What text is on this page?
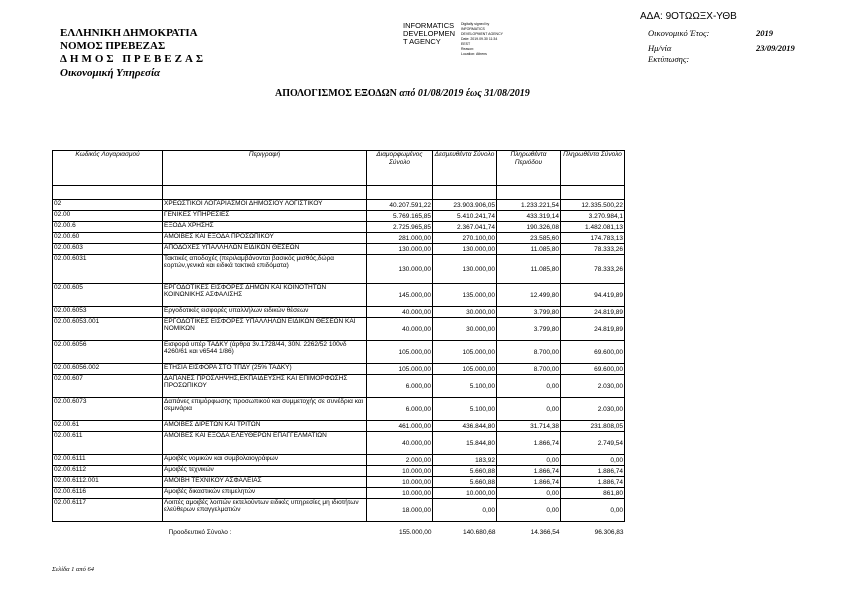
ΕΛΛΗΝΙΚΗ ΔΗΜΟΚΡΑΤΙΑ
ΝΟΜΟΣ ΠΡΕΒΕΖΑΣ
ΔΗΜΟΣ ΠΡΕΒΕΖΑΣ
Οικονομική Υπηρεσία
ΑΔΑ: 9ΟΤΩΩΞΧ-ΥΘΒ
INFORMATICS
DEVELOPMEN
T AGENCY
Digitally signed by
INFORMATICS
DEVELOPMENT AGENCY
Date: 2019.09.30 11:34
EEST
Reason:
Location: Athens
Οικονομικό Έτος:	2019
Ημ/νία	23/09/2019
Εκτύπωσης:
ΑΠΟΛΟΓΙΣΜΟΣ ΕΞΟΔΩΝ από 01/08/2019 έως 31/08/2019
Κωδικός Λογαριασμού	Περιγραφή	Διαμορφωμένος Σύνολο	Δεσμευθέντα Σύνολο	Πληρωθέντα Περιόδου	Πληρωθέντα Σύνολο

02	ΧΡΕΩΣΤΙΚΟΙ ΛΟΓΑΡΙΑΣΜΟΙ ΔΗΜΟΣΙΟΥ ΛΟΓΙΣΤΙΚΟΥ	40.207.591,22	23.903.906,05	1.233.221,54	12.335.500,22
02.00	ΓΕΝΙΚΕΣ ΥΠΗΡΕΣΙΕΣ	5.769.165,85	5.410.241,74	433.319,14	3.270.984,1
02.00.6	ΕΞΟΔΑ ΧΡΗΣΗΣ	2.725.965,85	2.367.041,74	190.326,08	1.482.081,13
02.00.60	ΑΜΟΙΒΕΣ ΚΑΙ ΕΞΟΔΑ ΠΡΟΣΩΠΙΚΟΥ	281.000,00	270.100,00	23.585,60	174.783,13
02.00.603	ΑΠΟΔΟΧΕΣ ΥΠΑΛΛΗΛΩΝ ΕΙΔΙΚΩΝ ΘΕΣΕΩΝ	130.000,00	130.000,00	11.085,80	78.333,26
02.00.6031	Τακτικές αποδοχές (περιλαμβάνονται βασικός μισθός,δώρα εορτών,γενικά και ειδικά τακτικά επιδόματα)	130.000,00	130.000,00	11.085,80	78.333,26
02.00.605	ΕΡΓΟΔΟΤΙΚΕΣ ΕΙΣΦΟΡΕΣ ΔΗΜΩΝ ΚΑΙ ΚΟΙΝΟΤΗΤΩΝ ΚΟΙΝΩΝΙΚΗΣ ΑΣΦΑΛΙΣΗΣ	145.000,00	135.000,00	12.499,80	94.419,89
02.00.6053	Εργοδοτικές εισφορές υπαλλήλων ειδικών θέσεων	40.000,00	30.000,00	3.799,80	24.819,89
02.00.6053.001	ΕΡΓΟΔΟΤΙΚΕΣ ΕΙΣΦΟΡΕΣ ΥΠΑΛΛΗΛΩΝ ΕΙΔΙΚΩΝ ΘΕΣΕΩΝ ΚΑΙ ΝΟΜΙΚΩΝ	40.000,00	30.000,00	3.799,80	24.819,89
02.00.6056	Εισφορά υπέρ ΤΑΔΚΥ (άρθρα 3ν.1728/44, 30Ν. 2262/52 100νδ 4260/61 και ν6544 1/86)	105.000,00	105.000,00	8.700,00	69.600,00
02.00.6056.002	ΕΤΗΣΙΑ ΕΙΣΦΟΡΑ ΣΤΟ ΤΠΔΥ (25% ΤΑΔΚΥ)	105.000,00	105.000,00	8.700,00	69.600,00
02.00.607	ΔΑΠΑΝΕΣ ΠΡΟΣΛΗΨΗΣ,ΕΚΠΑΙΔΕΥΣΗΣ ΚΑΙ ΕΠΙΜΟΡΦΩΣΗΣ ΠΡΟΣΩΠΙΚΟΥ	6.000,00	5.100,00	0,00	2.030,00
02.00.6073	Δαπάνες επιμόρφωσης προσωπικού και συμμετοχής σε συνέδρια και σεμινάρια	6.000,00	5.100,00	0,00	2.030,00
02.00.61	ΑΜΟΙΒΕΣ ΔΙΡΕΤΩΝ ΚΑΙ ΤΡΙΤΩΝ	461.000,00	436.844,80	31.714,38	231.808,05
02.00.611	ΑΜΟΙΒΕΣ ΚΑΙ ΕΞΟΔΑ ΕΛΕΥΘΕΡΩΝ ΕΠΑΓΓΕΛΜΑΤΙΩΝ	40.000,00	15.844,80	1.866,74	2.749,54
02.00.6111	Αμοιβές νομικών και συμβολαιογράφων	2.000,00	183,92	0,00	0,00
02.00.6112	Αμοιβές τεχνικών	10.000,00	5.660,88	1.866,74	1.886,74
02.00.6112.001	ΑΜΟΙΒΗ ΤΕΧΝΙΚΟΥ ΑΣΦΑΛΕΙΑΣ	10.000,00	5.660,88	1.866,74	1.886,74
02.00.6116	Αμοιβές δικαστικών επιμελητών	10.000,00	10.000,00	0,00	861,80
02.00.6117	Λοιπές αμοιβές λοιπών εκτελούντων ειδικές υπηρεσίες μη ιδιοτήτων ελεύθερων επαγγελματιών	18.000,00	0,00	0,00	0,00
	Προοδευτικό Σύνολο :	155.000,00	140.680,68	14.366,54	96.306,83
Σελίδα 1 από 64
